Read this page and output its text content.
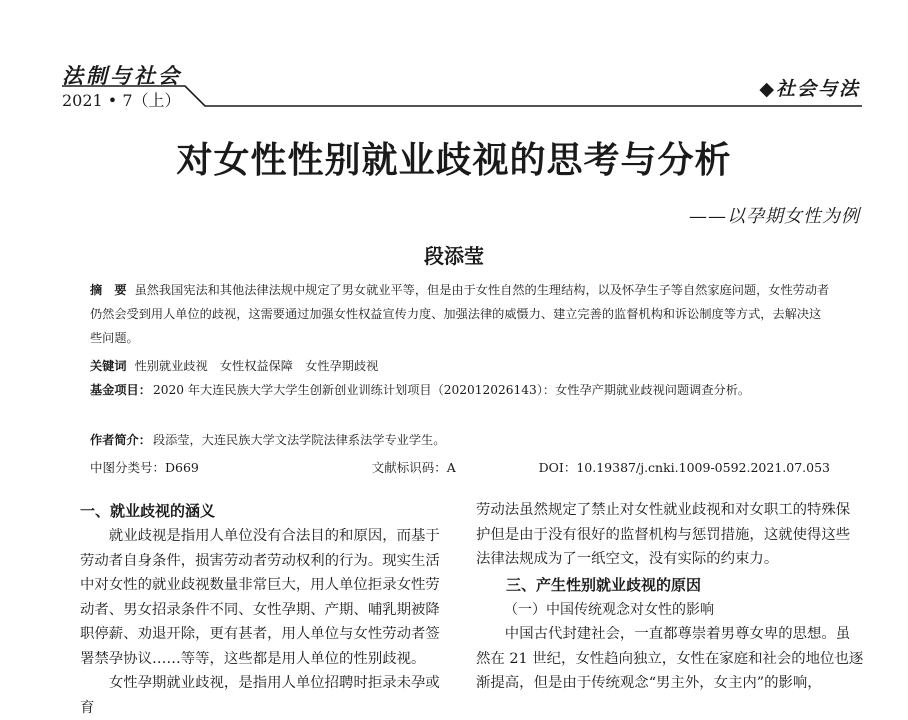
法制与社会
2021 • 7（上）
◆社会与法
对女性性别就业歧视的思考与分析
——以孕期女性为例
段添莹
摘　要 虽然我国宪法和其他法律法规中规定了男女就业平等，但是由于女性自然的生理结构，以及怀孕生子等自然家庭问题，女性劳动者仍然会受到用人单位的歧视，这需要通过加强女性权益宣传力度、加强法律的威慑力、建立完善的监督机构和诉讼制度等方式，去解决这些问题。
关键词 性别就业歧视　女性权益保障　女性孕期歧视
基金项目： 2020 年大连民族大学大学生创新创业训练计划项目（202012026143）：女性孕产期就业歧视问题调查分析。
作者简介： 段添莹，大连民族大学文法学院法律系法学专业学生。
中图分类号：D669	文献标识码：A	DOI：10.19387/j.cnki.1009-0592.2021.07.053
一、就业歧视的涵义

就业歧视是指用人单位没有合法目的和原因，而基于劳动者自身条件，损害劳动者劳动权利的行为。现实生活中对女性的就业歧视数量非常巨大，用人单位拒录女性劳动者、男女招录条件不同、女性孕期、产期、哺乳期被降职停薪、劝退开除，更有甚者，用人单位与女性劳动者签署禁孕协议……等等，这些都是用人单位的性别歧视。

女性孕期就业歧视，是指用人单位招聘时拒录未孕或育

劳动法虽然规定了禁止对女性就业歧视和对女职工的特殊保护但是由于没有很好的监督机构与惩罚措施，这就使得这些法律法规成为了一纸空文，没有实际的约束力。

三、产生性别就业歧视的原因
（一）中国传统观念对女性的影响

中国古代封建社会，一直都尊崇着男尊女卑的思想。虽然在 21 世纪，女性趋向独立，女性在家庭和社会的地位也逐渐提高，但是由于传统观念“男主外，女主内”的影响，
